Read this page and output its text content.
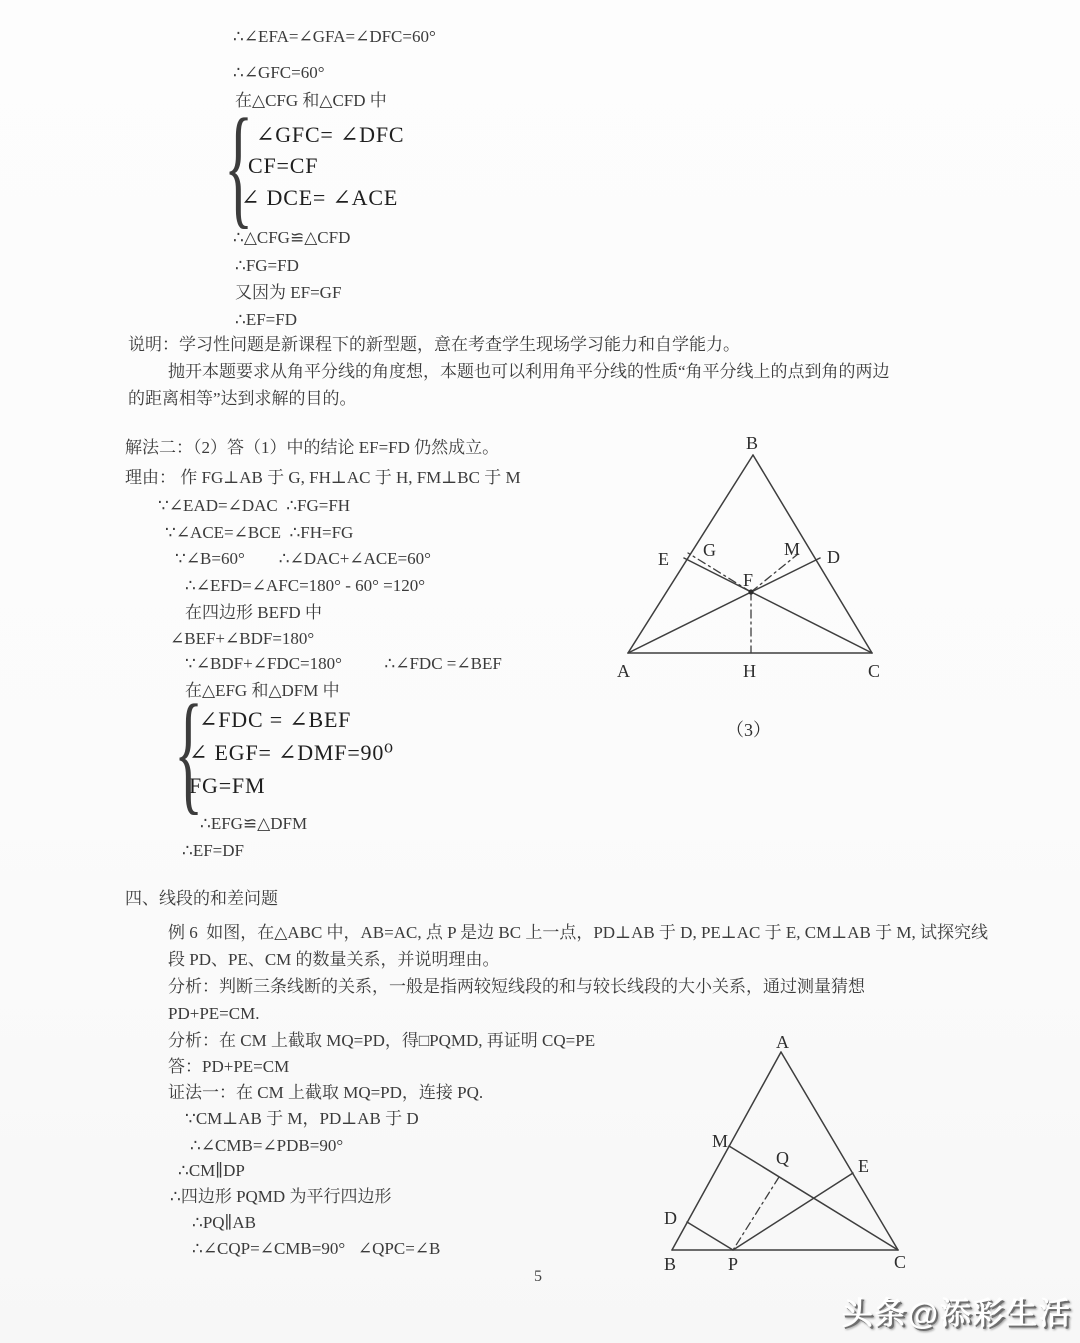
∴∠EFA=∠GFA=∠DFC=60°
∴∠GFC=60°
在△CFG 和△CFD 中
∠GFC= ∠DFC
CF=CF
∠ DCE= ∠ACE
∴△CFG≌△CFD
∴FG=FD
又因为 EF=GF
∴EF=FD
说明：学习性问题是新课程下的新型题，意在考查学生现场学习能力和自学能力。
抛开本题要求从角平分线的角度想，本题也可以利用角平分线的性质“角平分线上的点到角的两边
的距离相等”达到求解的目的。
解法二：（2）答（1）中的结论 EF=FD 仍然成立。
理由： 作 FG⊥AB 于 G, FH⊥AC 于 H, FM⊥BC 于 M
∵∠EAD=∠DAC  ∴FG=FH
∵∠ACE=∠BCE  ∴FH=FG
∵∠B=60°        ∴∠DAC+∠ACE=60°
∴∠EFD=∠AFC=180° - 60° =120°
在四边形 BEFD 中
∠BEF+∠BDF=180°
∵∠BDF+∠FDC=180°          ∴∠FDC =∠BEF
在△EFG 和△DFM 中
∠FDC = ∠BEF
∠ EGF= ∠DMF=90⁰
FG=FM
∴EFG≌△DFM
∴EF=DF
四、线段的和差问题
例 6  如图，在△ABC 中，AB=AC, 点 P 是边 BC 上一点，PD⊥AB 于 D, PE⊥AC 于 E, CM⊥AB 于 M, 试探究线
段 PD、PE、CM 的数量关系，并说明理由。
分析：判断三条线断的关系，一般是指两较短线段的和与较长线段的大小关系，通过测量猜想
PD+PE=CM.
分析：在 CM 上截取 MQ=PD，得□PQMD, 再证明 CQ=PE
答：PD+PE=CM
证法一：在 CM 上截取 MQ=PD，连接 PQ.
∵CM⊥AB 于 M，PD⊥AB 于 D
∴∠CMB=∠PDB=90°
∴CM∥DP
∴四边形 PQMD 为平行四边形
∴PQ∥AB
∴∠CQP=∠CMB=90°   ∠QPC=∠B
{
{
B
A	C
E G	M D
F
H
（3）
A
B	C
M
D
E
P
Q
5
头条@添彩生活
